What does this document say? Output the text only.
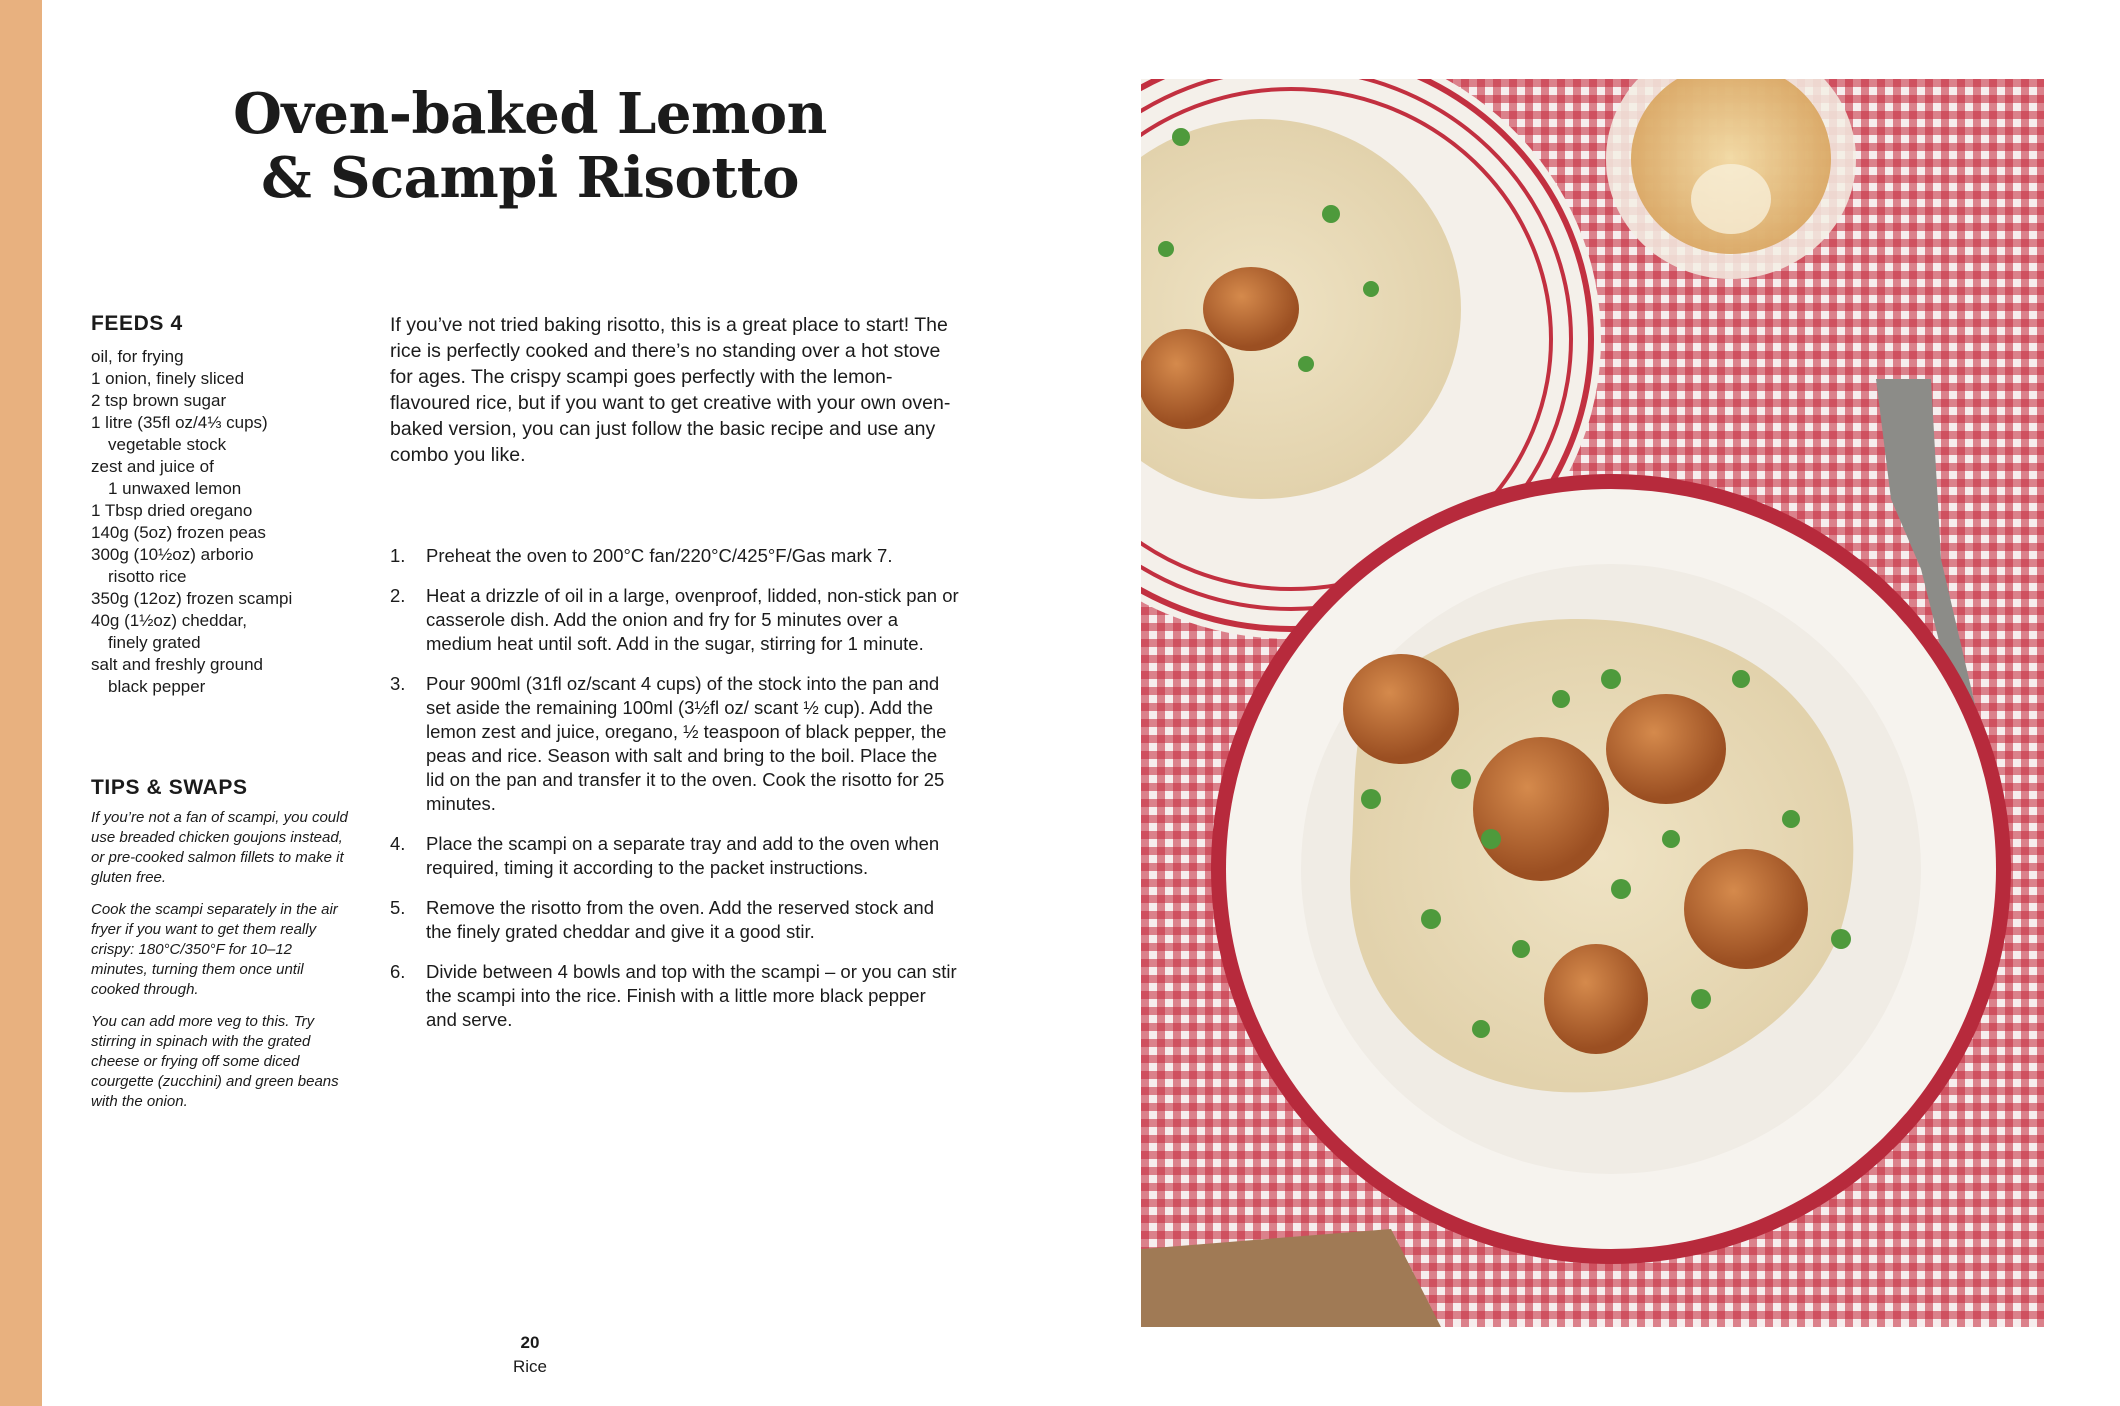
Oven-baked Lemon
& Scampi Risotto
FEEDS 4
oil, for frying
1 onion, finely sliced
2 tsp brown sugar
1 litre (35fl oz/4⅓ cups)
vegetable stock
zest and juice of
1 unwaxed lemon
1 Tbsp dried oregano
140g (5oz) frozen peas
300g (10½oz) arborio
risotto rice
350g (12oz) frozen scampi
40g (1½oz) cheddar,
finely grated
salt and freshly ground
black pepper
TIPS & SWAPS

If you’re not a fan of scampi, you could use breaded chicken goujons instead, or pre-cooked salmon fillets to make it gluten free.

Cook the scampi separately in the air fryer if you want to get them really crispy: 180°C/350°F for 10–12 minutes, turning them once until cooked through.

You can add more veg to this. Try stirring in spinach with the grated cheese or frying off some diced courgette (zucchini) and green beans with the onion.

If you’ve not tried baking risotto, this is a great place to start! The rice is perfectly cooked and there’s no standing over a hot stove for ages. The crispy scampi goes perfectly with the lemon-flavoured rice, but if you want to get creative with your own oven-baked version, you can just follow the basic recipe and use any combo you like.

1.	Preheat the oven to 200°C fan/220°C/425°F/Gas mark 7.
2.	Heat a drizzle of oil in a large, ovenproof, lidded, non-stick pan or casserole dish. Add the onion and fry for 5 minutes over a medium heat until soft. Add in the sugar, stirring for 1 minute.
3.	Pour 900ml (31fl oz/scant 4 cups) of the stock into the pan and set aside the remaining 100ml (3½fl oz/ scant ½ cup). Add the lemon zest and juice, oregano, ½ teaspoon of black pepper, the peas and rice. Season with salt and bring to the boil. Place the lid on the pan and transfer it to the oven. Cook the risotto for 25 minutes.
4.	Place the scampi on a separate tray and add to the oven when required, timing it according to the packet instructions.
5.	Remove the risotto from the oven. Add the reserved stock and the finely grated cheddar and give it a good stir.
6.	Divide between 4 bowls and top with the scampi – or you can stir the scampi into the rice. Finish with a little more black pepper and serve.
20
Rice
